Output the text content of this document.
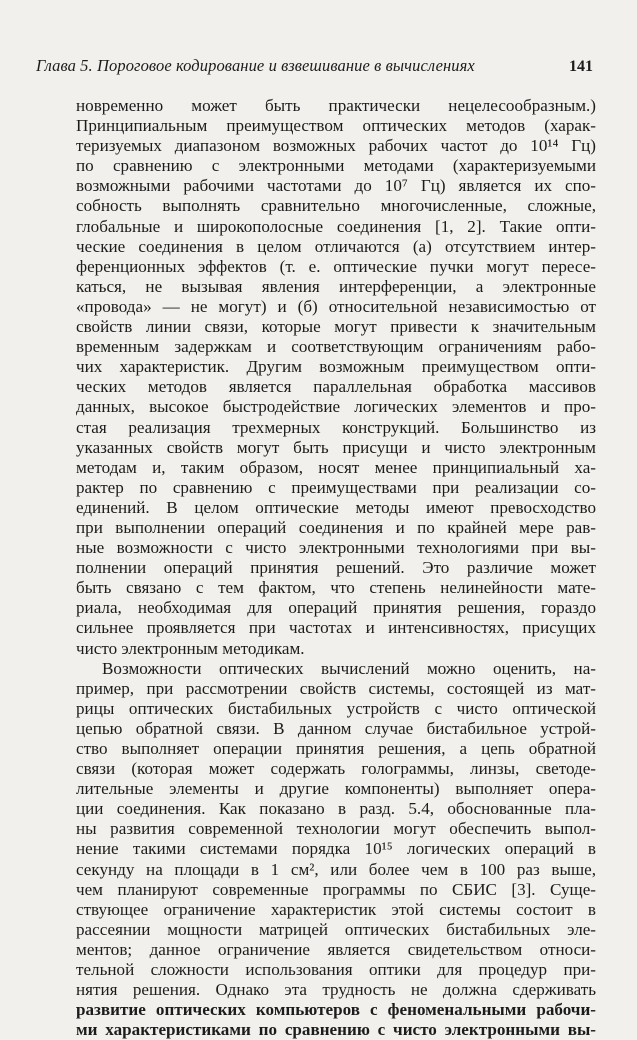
Глава 5. Пороговое кодирование и взвешивание в вычислениях	141
новременно может быть практически нецелесообразным.)
Принципиальным преимуществом оптических методов (харак-
теризуемых диапазоном возможных рабочих частот до 10¹⁴ Гц)
по сравнению с электронными методами (характеризуемыми
возможными рабочими частотами до 10⁷ Гц) является их спо-
собность выполнять сравнительно многочисленные, сложные,
глобальные и широкополосные соединения [1, 2]. Такие опти-
ческие соединения в целом отличаются (а) отсутствием интер-
ференционных эффектов (т. е. оптические пучки могут пересе-
каться, не вызывая явления интерференции, а электронные
«провода» — не могут) и (б) относительной независимостью от
свойств линии связи, которые могут привести к значительным
временным задержкам и соответствующим ограничениям рабо-
чих характеристик. Другим возможным преимуществом опти-
ческих методов является параллельная обработка массивов
данных, высокое быстродействие логических элементов и про-
стая реализация трехмерных конструкций. Большинство из
указанных свойств могут быть присущи и чисто электронным
методам и, таким образом, носят менее принципиальный ха-
рактер по сравнению с преимуществами при реализации со-
единений. В целом оптические методы имеют превосходство
при выполнении операций соединения и по крайней мере рав-
ные возможности с чисто электронными технологиями при вы-
полнении операций принятия решений. Это различие может
быть связано с тем фактом, что степень нелинейности мате-
риала, необходимая для операций принятия решения, гораздо
сильнее проявляется при частотах и интенсивностях, присущих
чисто электронным методикам.
Возможности оптических вычислений можно оценить, на-
пример, при рассмотрении свойств системы, состоящей из мат-
рицы оптических бистабильных устройств с чисто оптической
цепью обратной связи. В данном случае бистабильное устрой-
ство выполняет операции принятия решения, а цепь обратной
связи (которая может содержать голограммы, линзы, светоде-
лительные элементы и другие компоненты) выполняет опера-
ции соединения. Как показано в разд. 5.4, обоснованные пла-
ны развития современной технологии могут обеспечить выпол-
нение такими системами порядка 10¹⁵ логических операций в
секунду на площади в 1 см², или более чем в 100 раз выше,
чем планируют современные программы по СБИС [3]. Суще-
ствующее ограничение характеристик этой системы состоит в
рассеянии мощности матрицей оптических бистабильных эле-
ментов; данное ограничение является свидетельством относи-
тельной сложности использования оптики для процедур при-
нятия решения. Однако эта трудность не должна сдерживать
развитие оптических компьютеров с феноменальными рабочи-
ми характеристиками по сравнению с чисто электронными вы-
